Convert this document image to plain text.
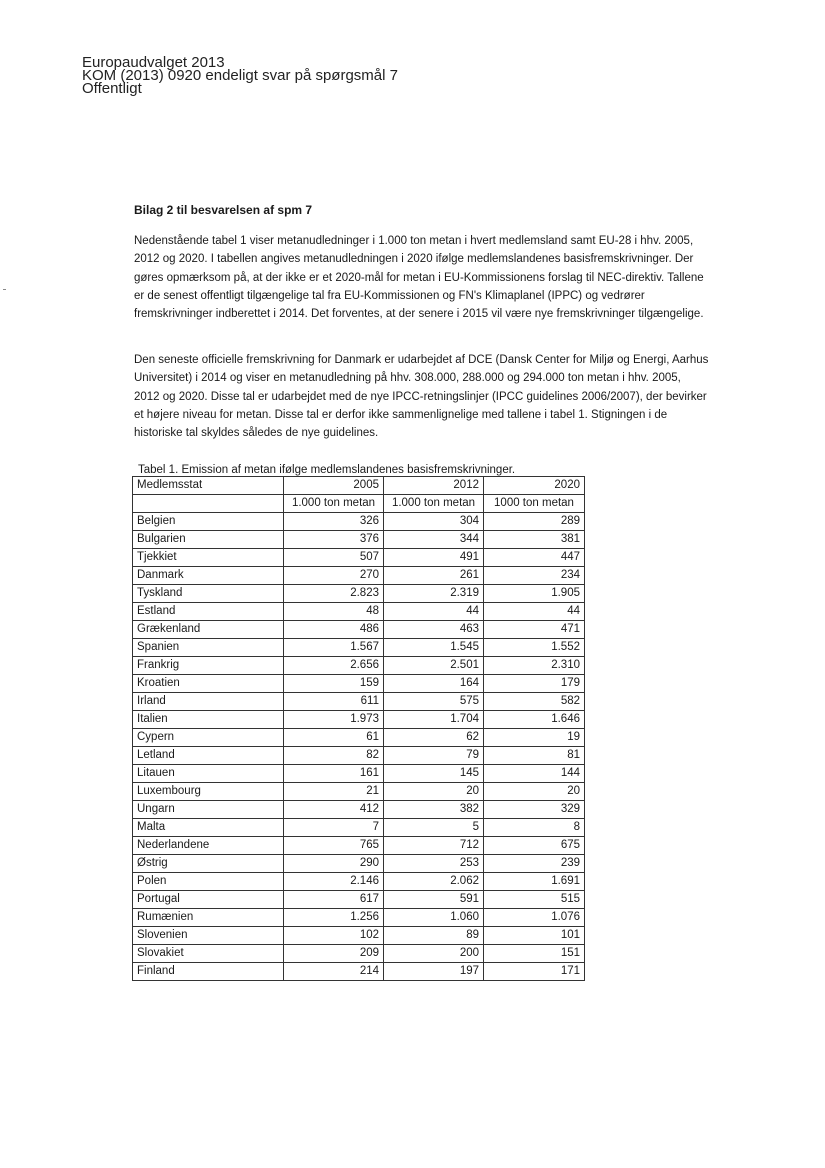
Europaudvalget 2013
KOM (2013) 0920 endeligt svar på spørgsmål 7
Offentligt
Bilag 2 til besvarelsen af spm 7

Nedenstående tabel 1 viser metanudledninger i 1.000 ton metan i hvert medlemsland samt EU-28 i hhv. 2005, 2012 og 2020. I tabellen angives metanudledningen i 2020 ifølge medlemslandenes basisfremskrivninger. Der gøres opmærksom på, at der ikke er et 2020-mål for metan i EU-Kommissionens forslag til NEC-direktiv. Tallene er de senest offentligt tilgængelige tal fra EU-Kommissionen og FN's Klimaplanel (IPPC) og vedrører fremskrivninger indberettet i 2014. Det forventes, at der senere i 2015 vil være nye fremskrivninger tilgængelige.

Den seneste officielle fremskrivning for Danmark er udarbejdet af DCE (Dansk Center for Miljø og Energi, Aarhus Universitet) i 2014 og viser en metanudledning på hhv. 308.000, 288.000 og 294.000 ton metan i hhv. 2005, 2012 og 2020. Disse tal er udarbejdet med de nye IPCC-retningslinjer (IPCC guidelines 2006/2007), der bevirker et højere niveau for metan. Disse tal er derfor ikke sammenlignelige med tallene i tabel 1. Stigningen i de historiske tal skyldes således de nye guidelines.

Tabel 1. Emission af metan ifølge medlemslandenes basisfremskrivninger.
Medlemsstat	2005	2012	2020
	1.000 ton metan	1.000 ton metan	1000 ton metan
Belgien	326	304	289
Bulgarien	376	344	381
Tjekkiet	507	491	447
Danmark	270	261	234
Tyskland	2.823	2.319	1.905
Estland	48	44	44
Grækenland	486	463	471
Spanien	1.567	1.545	1.552
Frankrig	2.656	2.501	2.310
Kroatien	159	164	179
Irland	611	575	582
Italien	1.973	1.704	1.646
Cypern	61	62	19
Letland	82	79	81
Litauen	161	145	144
Luxembourg	21	20	20
Ungarn	412	382	329
Malta	7	5	8
Nederlandene	765	712	675
Østrig	290	253	239
Polen	2.146	2.062	1.691
Portugal	617	591	515
Rumænien	1.256	1.060	1.076
Slovenien	102	89	101
Slovakiet	209	200	151
Finland	214	197	171
